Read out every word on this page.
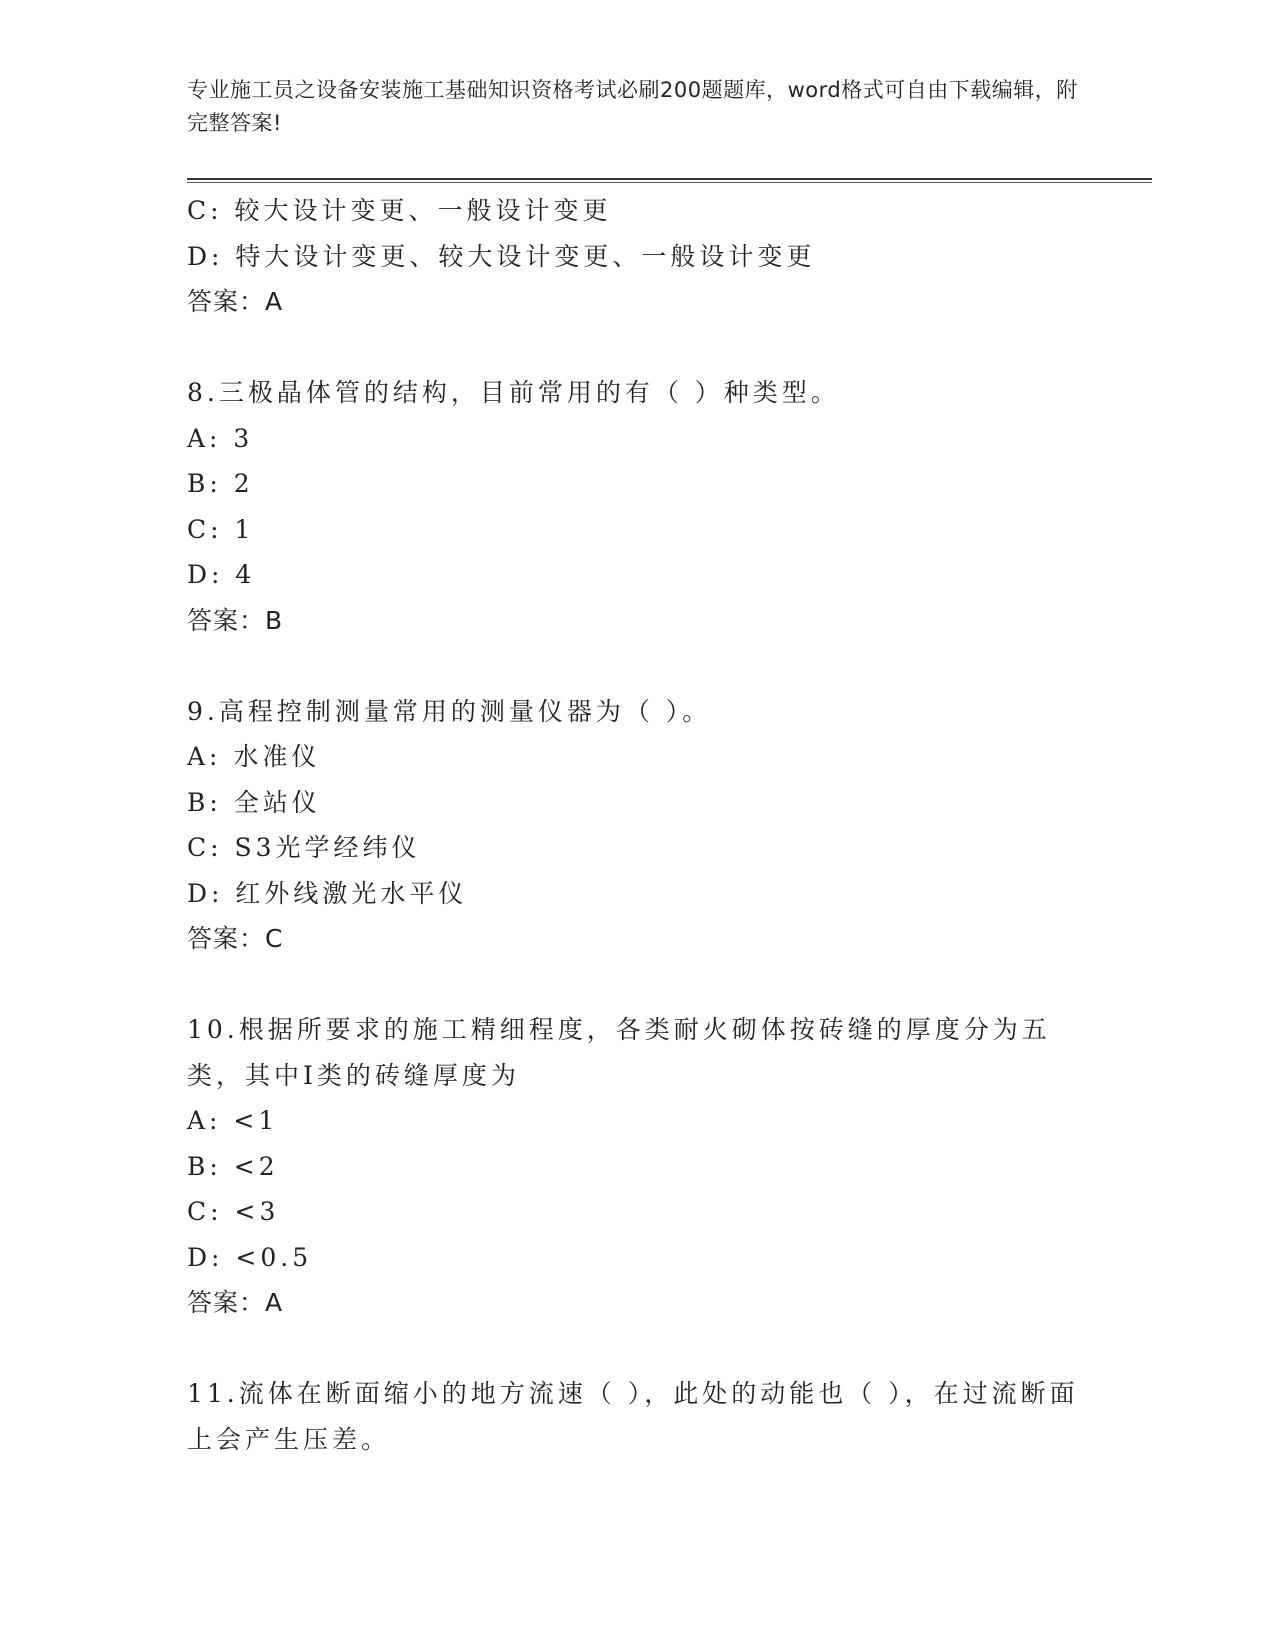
专业施工员之设备安装施工基础知识资格考试必刷200题题库，word格式可自由下载编辑，附完整答案!
C: 较大设计变更、一般设计变更
D: 特大设计变更、较大设计变更、一般设计变更
答案：A
8.三极晶体管的结构，目前常用的有（ ）种类型。
A: 3
B: 2
C: 1
D: 4
答案：B
9.高程控制测量常用的测量仪器为（ ）。
A: 水准仪
B: 全站仪
C: S3光学经纬仪
D: 红外线激光水平仪
答案：C
10.根据所要求的施工精细程度，各类耐火砌体按砖缝的厚度分为五类，其中I类的砖缝厚度为
A: <1
B: <2
C: <3
D: <0.5
答案：A
11.流体在断面缩小的地方流速（ ），此处的动能也（ ），在过流断面上会产生压差。
